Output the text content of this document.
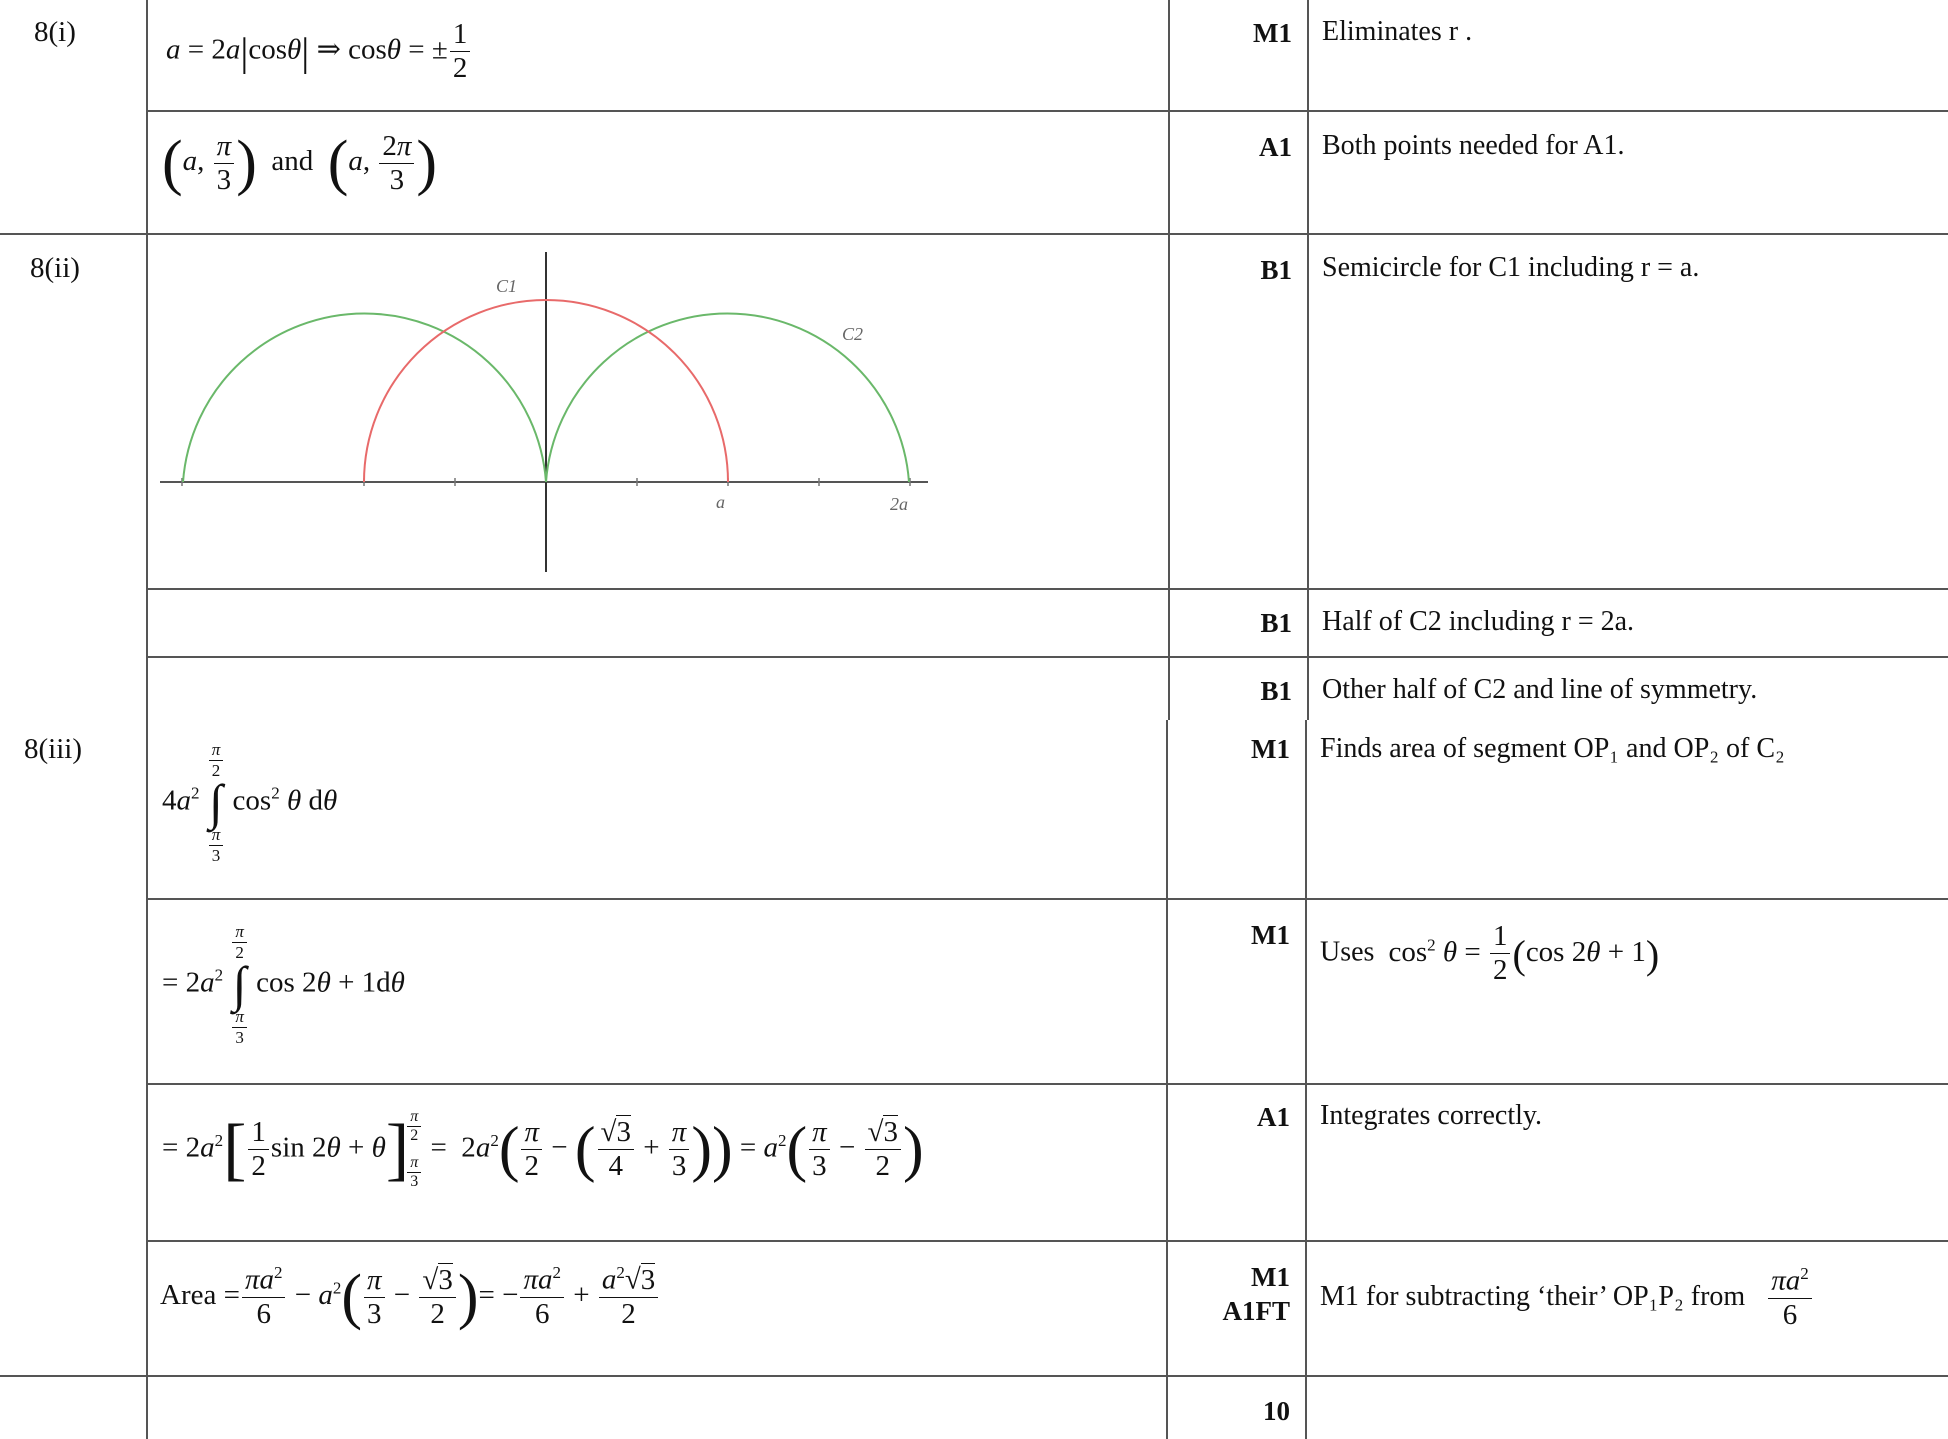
8(i)
8(ii)
8(iii)
M1
A1
B1
B1
B1
M1
M1
A1
M1
A1FT
10
Eliminates r .
Both points needed for A1.
Semicircle for C1 including r = a.
Half of C2 including r = 2a.
Other half of C2 and line of symmetry.
Finds area of segment OP₁ and OP₂ of C₂
Uses $\cos^2 \theta = \frac{1}{2} (\cos$ 2θ + 1)
Integrates correctly.
M1 for subtracting ‘their’ OP₁P₂ from $\frac{\pi a^2}{6}$
a = 2a|cosθ| ⇒ cosθ = ± $\frac{1}{2}$
(a, $\frac{\pi}{3}$ ) and (a, $\frac{2\pi}{3}$ )
C1
C2
a	2a
$4a^2$
$\frac{\pi}{2}$
∫
$\frac{\pi}{3}$
$\cos^2 \theta$ dθ
= $2a^2$
$\frac{\pi}{2}$
∫
$\frac{\pi}{3}$
cos 2θ + 1dθ
= $2a^2[ \frac{1}{2}$ sin 2θ + θ]
$\frac{\pi}{2}$
$\frac{\pi}{3}$
=  $2a^2( \frac{\pi}{2}$ − ( $\frac{√3}{4} + \frac{\pi}{3}$ )) = $a^2( \frac{\pi}{3} - \frac{√3}{2}$ )
Area = $\frac{\pi a^2}{6} - a^2( \frac{\pi}{3} - \frac{√3}{2}$ )= − $\frac{\pi a^2}{6} + \frac{a^2√3}{2}$
